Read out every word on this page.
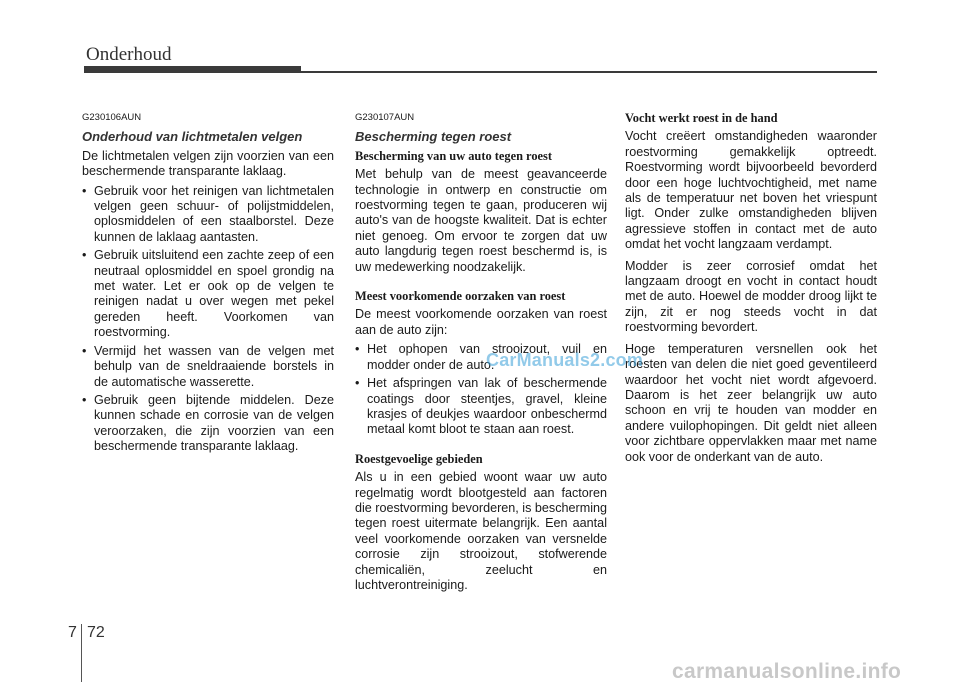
Onderhoud
G230106AUN
Onderhoud van lichtmetalen velgen

De lichtmetalen velgen zijn voorzien van een beschermende transparante laklaag.

• Gebruik voor het reinigen van lichtmetalen velgen geen schuur- of polijstmiddelen, oplosmiddelen of een staalborstel. Deze kunnen de laklaag aantasten.
• Gebruik uitsluitend een zachte zeep of een neutraal oplosmiddel en spoel grondig na met water. Let er ook op de velgen te reinigen nadat u over wegen met pekel gereden heeft. Voorkomen van roestvorming.
• Vermijd het wassen van de velgen met behulp van de sneldraaiende borstels in de automatische wasserette.
• Gebruik geen bijtende middelen. Deze kunnen schade en corrosie van de velgen veroorzaken, die zijn voorzien van een beschermende transparante laklaag.
G230107AUN
Bescherming tegen roest
Bescherming van uw auto tegen roest

Met behulp van de meest geavanceerde technologie in ontwerp en constructie om roestvorming tegen te gaan, produceren wij auto's van de hoogste kwaliteit. Dat is echter niet genoeg. Om ervoor te zorgen dat uw auto langdurig tegen roest beschermd is, is uw medewerking noodzakelijk.

Meest voorkomende oorzaken van roest

De meest voorkomende oorzaken van roest aan de auto zijn:

• Het ophopen van strooizout, vuil en modder onder de auto.
• Het afspringen van lak of beschermende coatings door steentjes, gravel, kleine krasjes of deukjes waardoor onbeschermd metaal komt bloot te staan aan roest.
Roestgevoelige gebieden

Als u in een gebied woont waar uw auto regelmatig wordt blootgesteld aan factoren die roestvorming bevorderen, is bescherming tegen roest uitermate belangrijk. Een aantal veel voorkomende oorzaken van versnelde corrosie zijn strooizout, stofwerende chemicaliën, zeelucht en luchtverontreiniging.

Vocht werkt roest in de hand

Vocht creëert omstandigheden waaronder roestvorming gemakkelijk optreedt. Roestvorming wordt bijvoorbeeld bevorderd door een hoge luchtvochtigheid, met name als de temperatuur net boven het vriespunt ligt. Onder zulke omstandigheden blijven agressieve stoffen in contact met de auto omdat het vocht langzaam verdampt.

Modder is zeer corrosief omdat het langzaam droogt en vocht in contact houdt met de auto. Hoewel de modder droog lijkt te zijn, zit er nog steeds vocht in dat roestvorming bevordert.

Hoge temperaturen versnellen ook het roesten van delen die niet goed geventileerd waardoor het vocht niet wordt afgevoerd. Daarom is het zeer belangrijk uw auto schoon en vrij te houden van modder en andere vuilophopingen. Dit geldt niet alleen voor zichtbare oppervlakken maar met name ook voor de onderkant van de auto.

CarManuals2.com
7 72
carmanualsonline.info
